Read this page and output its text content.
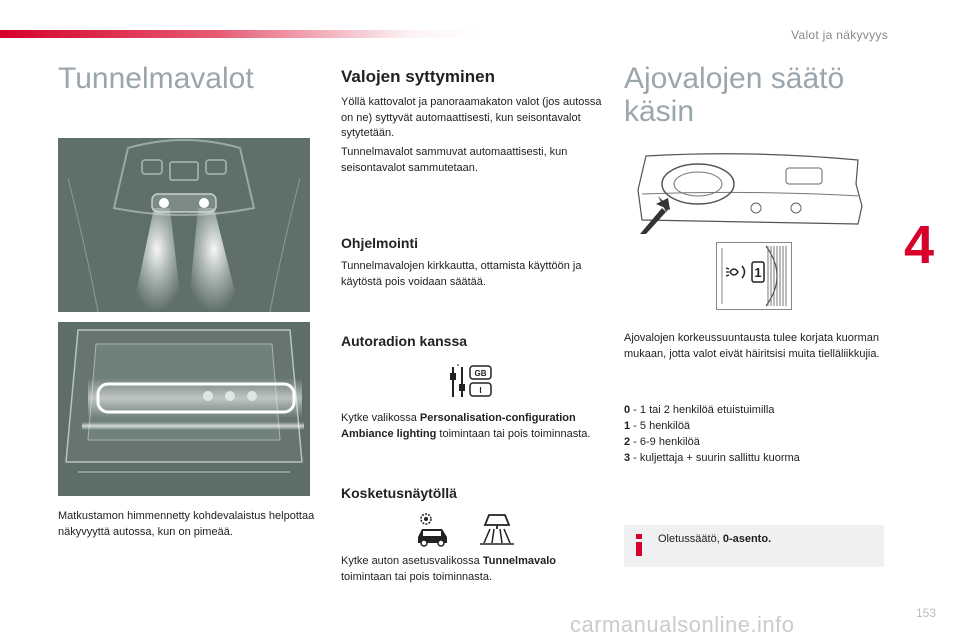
Valot ja näkyvyys
4
Tunnelmavalot

Matkustamon himmennetty kohdevalaistus helpottaa näkyvyyttä autossa, kun on pimeää.

Valojen syttyminen

Yöllä kattovalot ja panoraamakaton valot (jos autossa on ne) syttyvät automaattisesti, kun seisontavalot sytytetään.

Tunnelmavalot sammuvat automaattisesti, kun seisontavalot sammutetaan.

Ohjelmointi

Tunnelmavalojen kirkkautta, ottamista käyttöön ja käytöstä pois voidaan säätää.

Autoradion kanssa
GB
I

Kytke valikossa Personalisation-configuration Ambiance lighting toimintaan tai pois toiminnasta.

Kosketusnäytöllä

Kytke auton asetusvalikossa Tunnelmavalo toimintaan tai pois toiminnasta.

Ajovalojen säätö
käsin
1

Ajovalojen korkeussuuntausta tulee korjata kuorman mukaan, jotta valot eivät häiritsisi muita tielläliikkujia.

0 - 1 tai 2 henkilöä etuistuimilla
1 - 5 henkilöä
2 - 6-9 henkilöä
3 - kuljettaja + suurin sallittu kuorma
Oletussäätö, 0-asento.
carmanualsonline.info	153
